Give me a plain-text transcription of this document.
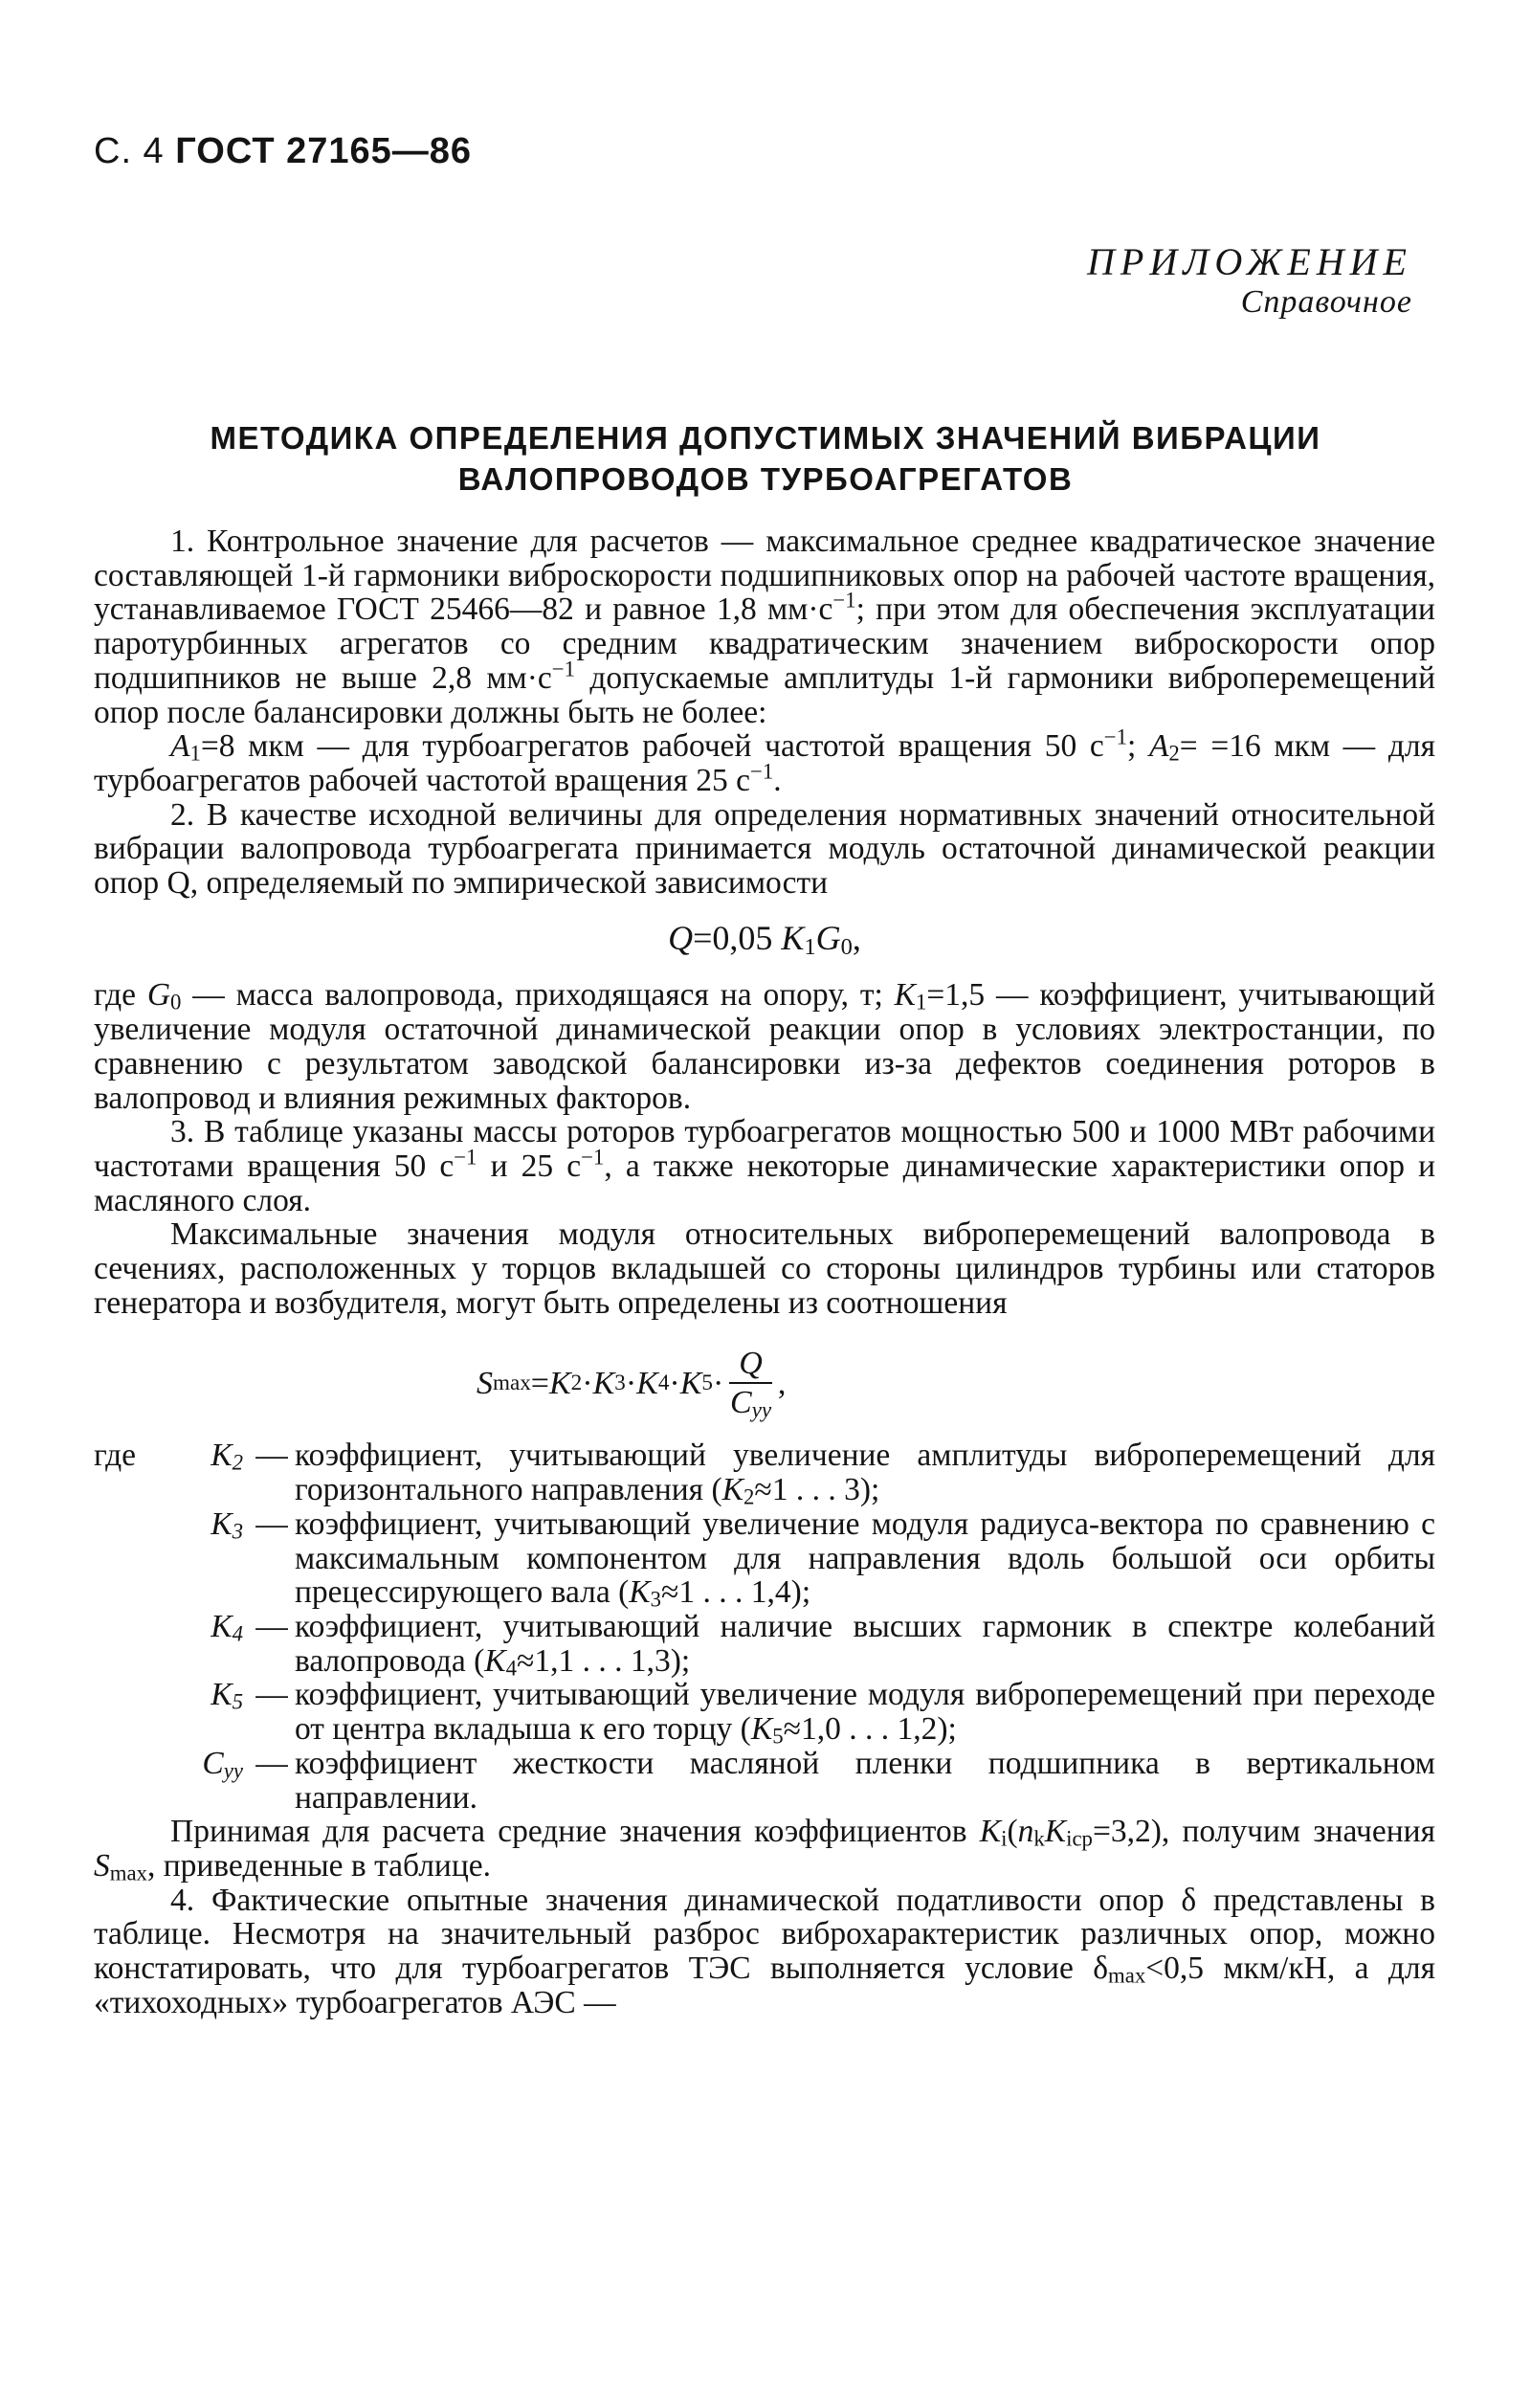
С. 4 ГОСТ 27165—86
ПРИЛОЖЕНИЕ
Справочное
МЕТОДИКА ОПРЕДЕЛЕНИЯ ДОПУСТИМЫХ ЗНАЧЕНИЙ ВИБРАЦИИ
ВАЛОПРОВОДОВ ТУРБОАГРЕГАТОВ

1. Контрольное значение для расчетов — максимальное среднее квадратическое значение составляющей 1-й гармоники виброскорости подшипниковых опор на рабочей частоте вращения, устанавливаемое ГОСТ 25466—82 и равное 1,8 $мм\cdot с^{-1}$; при этом для обеспечения эксплуатации паротурбинных агрегатов со средним квадратическим значением виброскорости опор подшипников не выше 2,8 $мм\cdot с^{-1}$ допускаемые амплитуды 1-й гармоники виброперемещений опор после балансировки должны быть не более:

$A_1=8$ мкм — для турбоагрегатов рабочей частотой вращения 50 $с^{-1}$; $A_2= =16$ мкм — для турбоагрегатов рабочей частотой вращения 25 $с^{-1}$.

2. В качестве исходной величины для определения нормативных значений относительной вибрации валопровода турбоагрегата принимается модуль остаточной динамической реакции опор Q, определяемый по эмпирической зависимости

Q=0,05 $K_1G_0$,

где $G_0$ — масса валопровода, приходящаяся на опору, т; $K_1=1,5$ — коэффициент, учитывающий увеличение модуля остаточной динамической реакции опор в условиях электростанции, по сравнению с результатом заводской балансировки из-за дефектов соединения роторов в валопровод и влияния режимных факторов.

3. В таблице указаны массы роторов турбоагрегатов мощностью 500 и 1000 МВт рабочими частотами вращения 50 $с^{-1}$ и 25 $с^{-1}$, а также некоторые динамические характеристики опор и масляного слоя.

Максимальные значения модуля относительных виброперемещений валопровода в сечениях, расположенных у торцов вкладышей со стороны цилиндров турбины или статоров генератора и возбудителя, могут быть определены из соотношения

S max = K 2 · K 3 · K 4 · K $5 \cdot \frac{Q}{C_{yy}}$ ,
где	$K_2$ — коэффициент, учитывающий увеличение амплитуды виброперемещений для горизонтального направления ($K_2\approx 1$ . . . 3);
$K_3$ — коэффициент, учитывающий увеличение модуля радиуса-вектора по сравнению с максимальным компонентом для направления вдоль большой оси орбиты прецессирующего вала ($K_3\approx 1$ . . . 1,4);
$K_4$ — коэффициент, учитывающий наличие высших гармоник в спектре колебаний валопровода ($K_4\approx 1,1$ . . . 1,3);
$K_5$ — коэффициент, учитывающий увеличение модуля виброперемещений при переходе от центра вкладыша к его торцу ($K_5\approx 1,0$ . . . 1,2);
$C_{yy}$ — коэффициент жесткости масляной пленки подшипника в вертикальном направлении.

Принимая для расчета средние значения коэффициентов $K_i(n_kK_{icp}=3,2)$, получим значения $S_{max}$, приведенные в таблице.

4. Фактические опытные значения динамической податливости опор δ представлены в таблице. Несмотря на значительный разброс виброхарактеристик различных опор, можно констатировать, что для турбоагрегатов ТЭС выполняется условие $\delta_{max}<0,5$ мкм/кН, а для «тихоходных» турбоагрегатов АЭС —
